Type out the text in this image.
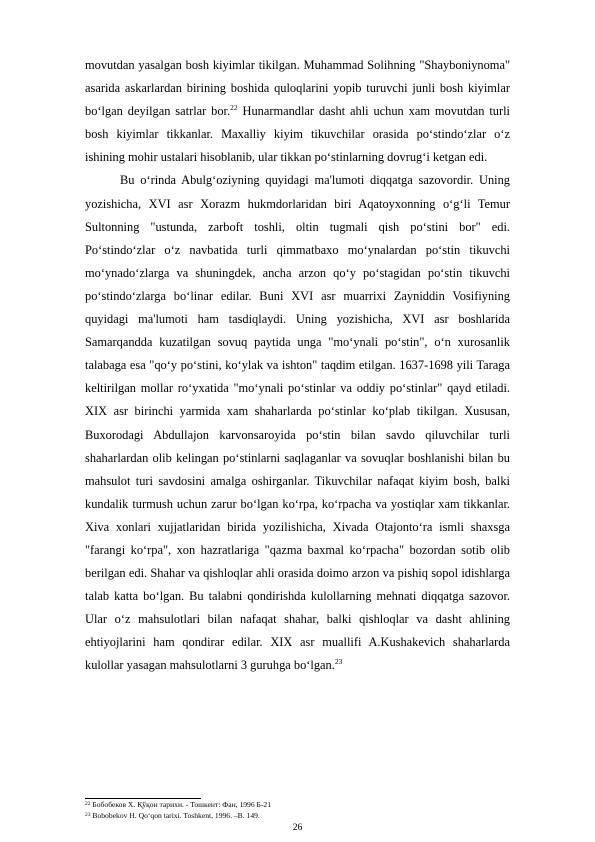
movutdan yasalgan bosh kiyimlar tikilgan. Muhammad Solihning "Shayboniynoma" asarida askarlardan birining boshida quloqlarini yopib turuvchi junli bosh kiyimlar bo‘lgan deyilgan satrlar bor.$^{22}$ Hunarmandlar dasht ahli uchun xam movutdan turli bosh kiyimlar tikkanlar. Maxalliy kiyim tikuvchilar orasida po‘stindo‘zlar o‘z ishining mohir ustalari hisoblanib, ular tikkan po‘stinlarning dovrug‘i ketgan edi.

Bu o‘rinda Abulg‘oziyning quyidagi ma'lumoti diqqatga sazovordir. Uning yozishicha, XVI asr Xorazm hukmdorlaridan biri Aqatoyxonning o‘g‘li Temur Sultonning "ustunda, zarboft toshli, oltin tugmali qish po‘stini bor" edi. Po‘stindo‘zlar o‘z navbatida turli qimmatbaxo mo‘ynalardan po‘stin tikuvchi mo‘ynado‘zlarga va shuningdek, ancha arzon qo‘y po‘stagidan po‘stin tikuvchi po‘stindo‘zlarga bo‘linar edilar. Buni XVI asr muarrixi Zayniddin Vosifiyning quyidagi ma'lumoti ham tasdiqlaydi. Uning yozishicha, XVI asr boshlarida Samarqandda kuzatilgan sovuq paytida unga "mo‘ynali po‘stin", o‘n xurosanlik talabaga esa "qo‘y po‘stini, ko‘ylak va ishton" taqdim etilgan. 1637-1698 yili Taraga keltirilgan mollar ro‘yxatida "mo‘ynali po‘stinlar va oddiy po‘stinlar" qayd etiladi. XIX asr birinchi yarmida xam shaharlarda po‘stinlar ko‘plab tikilgan. Xususan, Buxorodagi Abdullajon karvonsaroyida po‘stin bilan savdo qiluvchilar turli shaharlardan olib kelingan po‘stinlarni saqlaganlar va sovuqlar boshlanishi bilan bu mahsulot turi savdosini amalga oshirganlar. Tikuvchilar nafaqat kiyim bosh, balki kundalik turmush uchun zarur bo‘lgan ko‘rpa, ko‘rpacha va yostiqlar xam tikkanlar. Xiva xonlari xujjatlaridan birida yozilishicha, Xivada Otajonto‘ra ismli shaxsga "farangi ko‘rpa", xon hazratlariga "qazma baxmal ko‘rpacha" bozordan sotib olib berilgan edi. Shahar va qishloqlar ahli orasida doimo arzon va pishiq sopol idishlarga talab katta bo‘lgan. Bu talabni qondirishda kulollarning mehnati diqqatga sazovor. Ular o‘z mahsulotlari bilan nafaqat shahar, balki qishloqlar va dasht ahlining ehtiyojlarini ham qondirar edilar. XIX asr muallifi A.Kushakevich shaharlarda kulollar yasagan mahsulotlarni 3 guruhga bo‘lgan.$^{23}$

$^{22}$ Бобобеков Х. Қўқон тарихи. - Тошкент: Фан, 1996 Б-21

$^{23}$ Bobobekov H. Qo‘qon tarixi. Toshkent, 1996. –B. 149.

26
